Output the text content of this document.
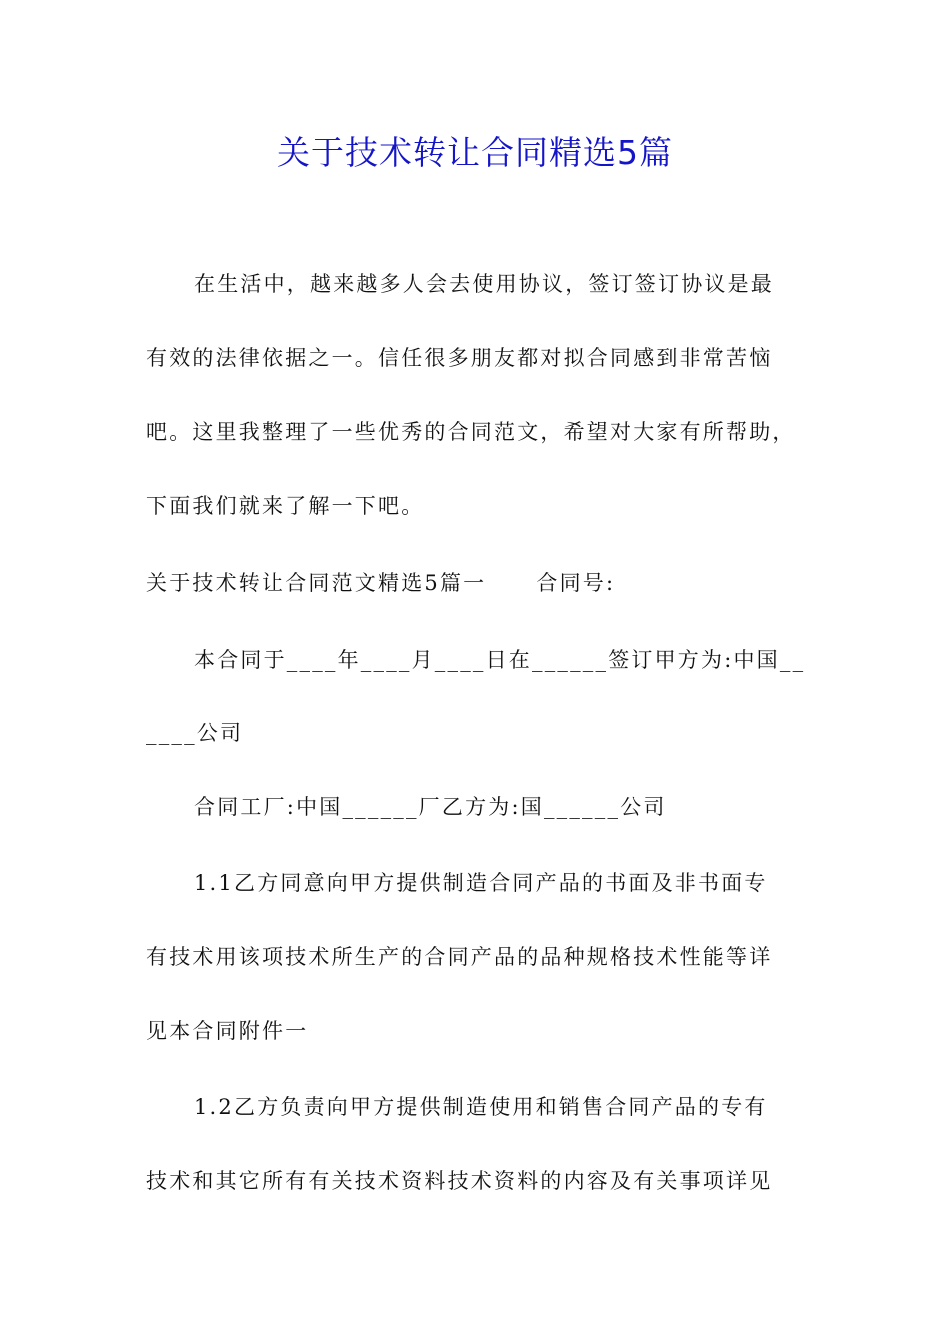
关于技术转让合同精选5篇
在生活中，越来越多人会去使用协议，签订签订协议是最
有效的法律依据之一。信任很多朋友都对拟合同感到非常苦恼
吧。这里我整理了一些优秀的合同范文，希望对大家有所帮助，
下面我们就来了解一下吧。
关于技术转让合同范文精选5篇一 合同号:
本合同于____年____月____日在______签订甲方为:中国__
____公司
合同工厂:中国______厂乙方为:国______公司
1.1乙方同意向甲方提供制造合同产品的书面及非书面专
有技术用该项技术所生产的合同产品的品种规格技术性能等详
见本合同附件一
1.2乙方负责向甲方提供制造使用和销售合同产品的专有
技术和其它所有有关技术资料技术资料的内容及有关事项详见
